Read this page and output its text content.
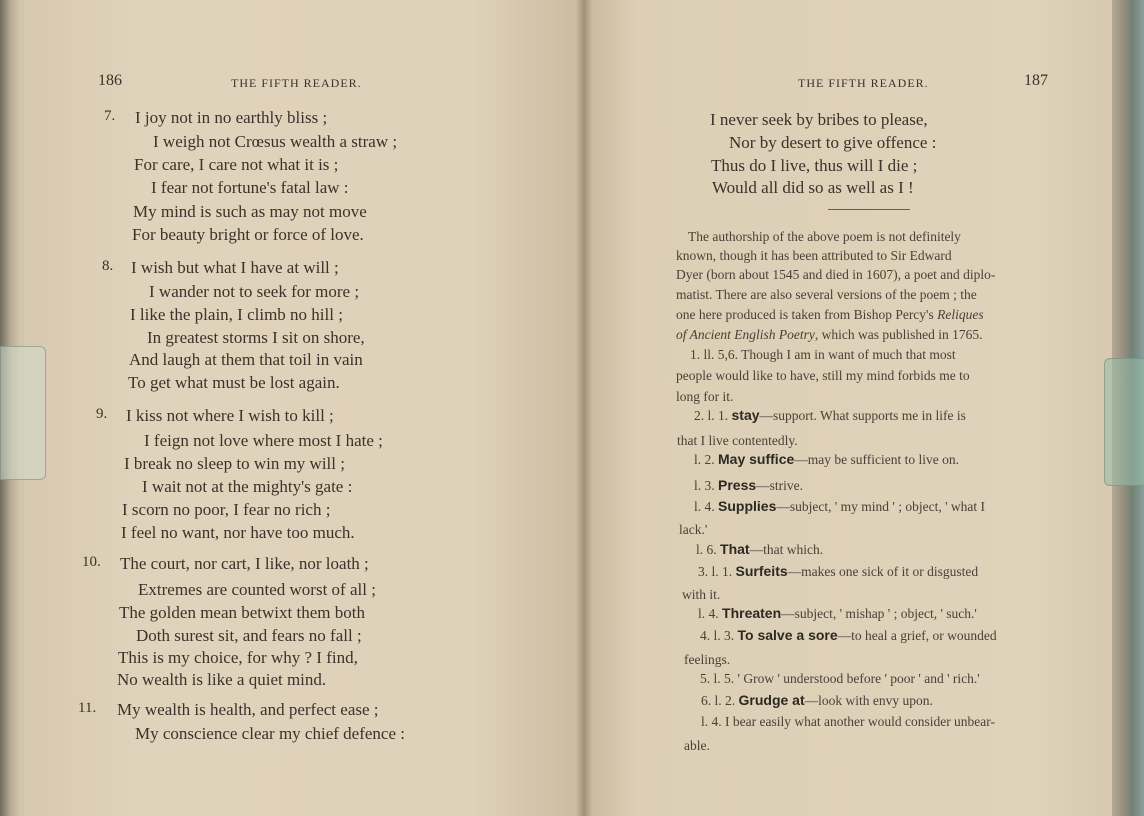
186	THE FIFTH READER.
7. I joy not in no earthly bliss ;
I weigh not Crœsus wealth a straw ;
For care, I care not what it is ;
I fear not fortune's fatal law :
My mind is such as may not move
For beauty bright or force of love.
8. I wish but what I have at will ;
I wander not to seek for more ;
I like the plain, I climb no hill ;
In greatest storms I sit on shore,
And laugh at them that toil in vain
To get what must be lost again.
9. I kiss not where I wish to kill ;
I feign not love where most I hate ;
I break no sleep to win my will ;
I wait not at the mighty's gate :
I scorn no poor, I fear no rich ;
I feel no want, nor have too much.
10. The court, nor cart, I like, nor loath ;
Extremes are counted worst of all ;
The golden mean betwixt them both
Doth surest sit, and fears no fall ;
This is my choice, for why ? I find,
No wealth is like a quiet mind.
11. My wealth is health, and perfect ease ;
My conscience clear my chief defence :
THE FIFTH READER.	187
I never seek by bribes to please,
Nor by desert to give offence :
Thus do I live, thus will I die ;
Would all did so as well as I !
The authorship of the above poem is not definitely
known, though it has been attributed to Sir Edward
Dyer (born about 1545 and died in 1607), a poet and diplo-
matist. There are also several versions of the poem ; the
one here produced is taken from Bishop Percy's Reliques
of Ancient English Poetry, which was published in 1765.
1. ll. 5,6. Though I am in want of much that most
people would like to have, still my mind forbids me to
long for it.
2. l. 1. stay—support. What supports me in life is
that I live contentedly.
l. 2. May suffice—may be sufficient to live on.
l. 3. Press—strive.
l. 4. Supplies—subject, ' my mind ' ; object, ' what I
lack.'
l. 6. That—that which.
3. l. 1. Surfeits—makes one sick of it or disgusted
with it.
l. 4. Threaten—subject, ' mishap ' ; object, ' such.'
4. l. 3. To salve a sore—to heal a grief, or wounded
feelings.
5. l. 5. ' Grow ' understood before ' poor ' and ' rich.'
6. l. 2. Grudge at—look with envy upon.
l. 4. I bear easily what another would consider unbear-
able.
